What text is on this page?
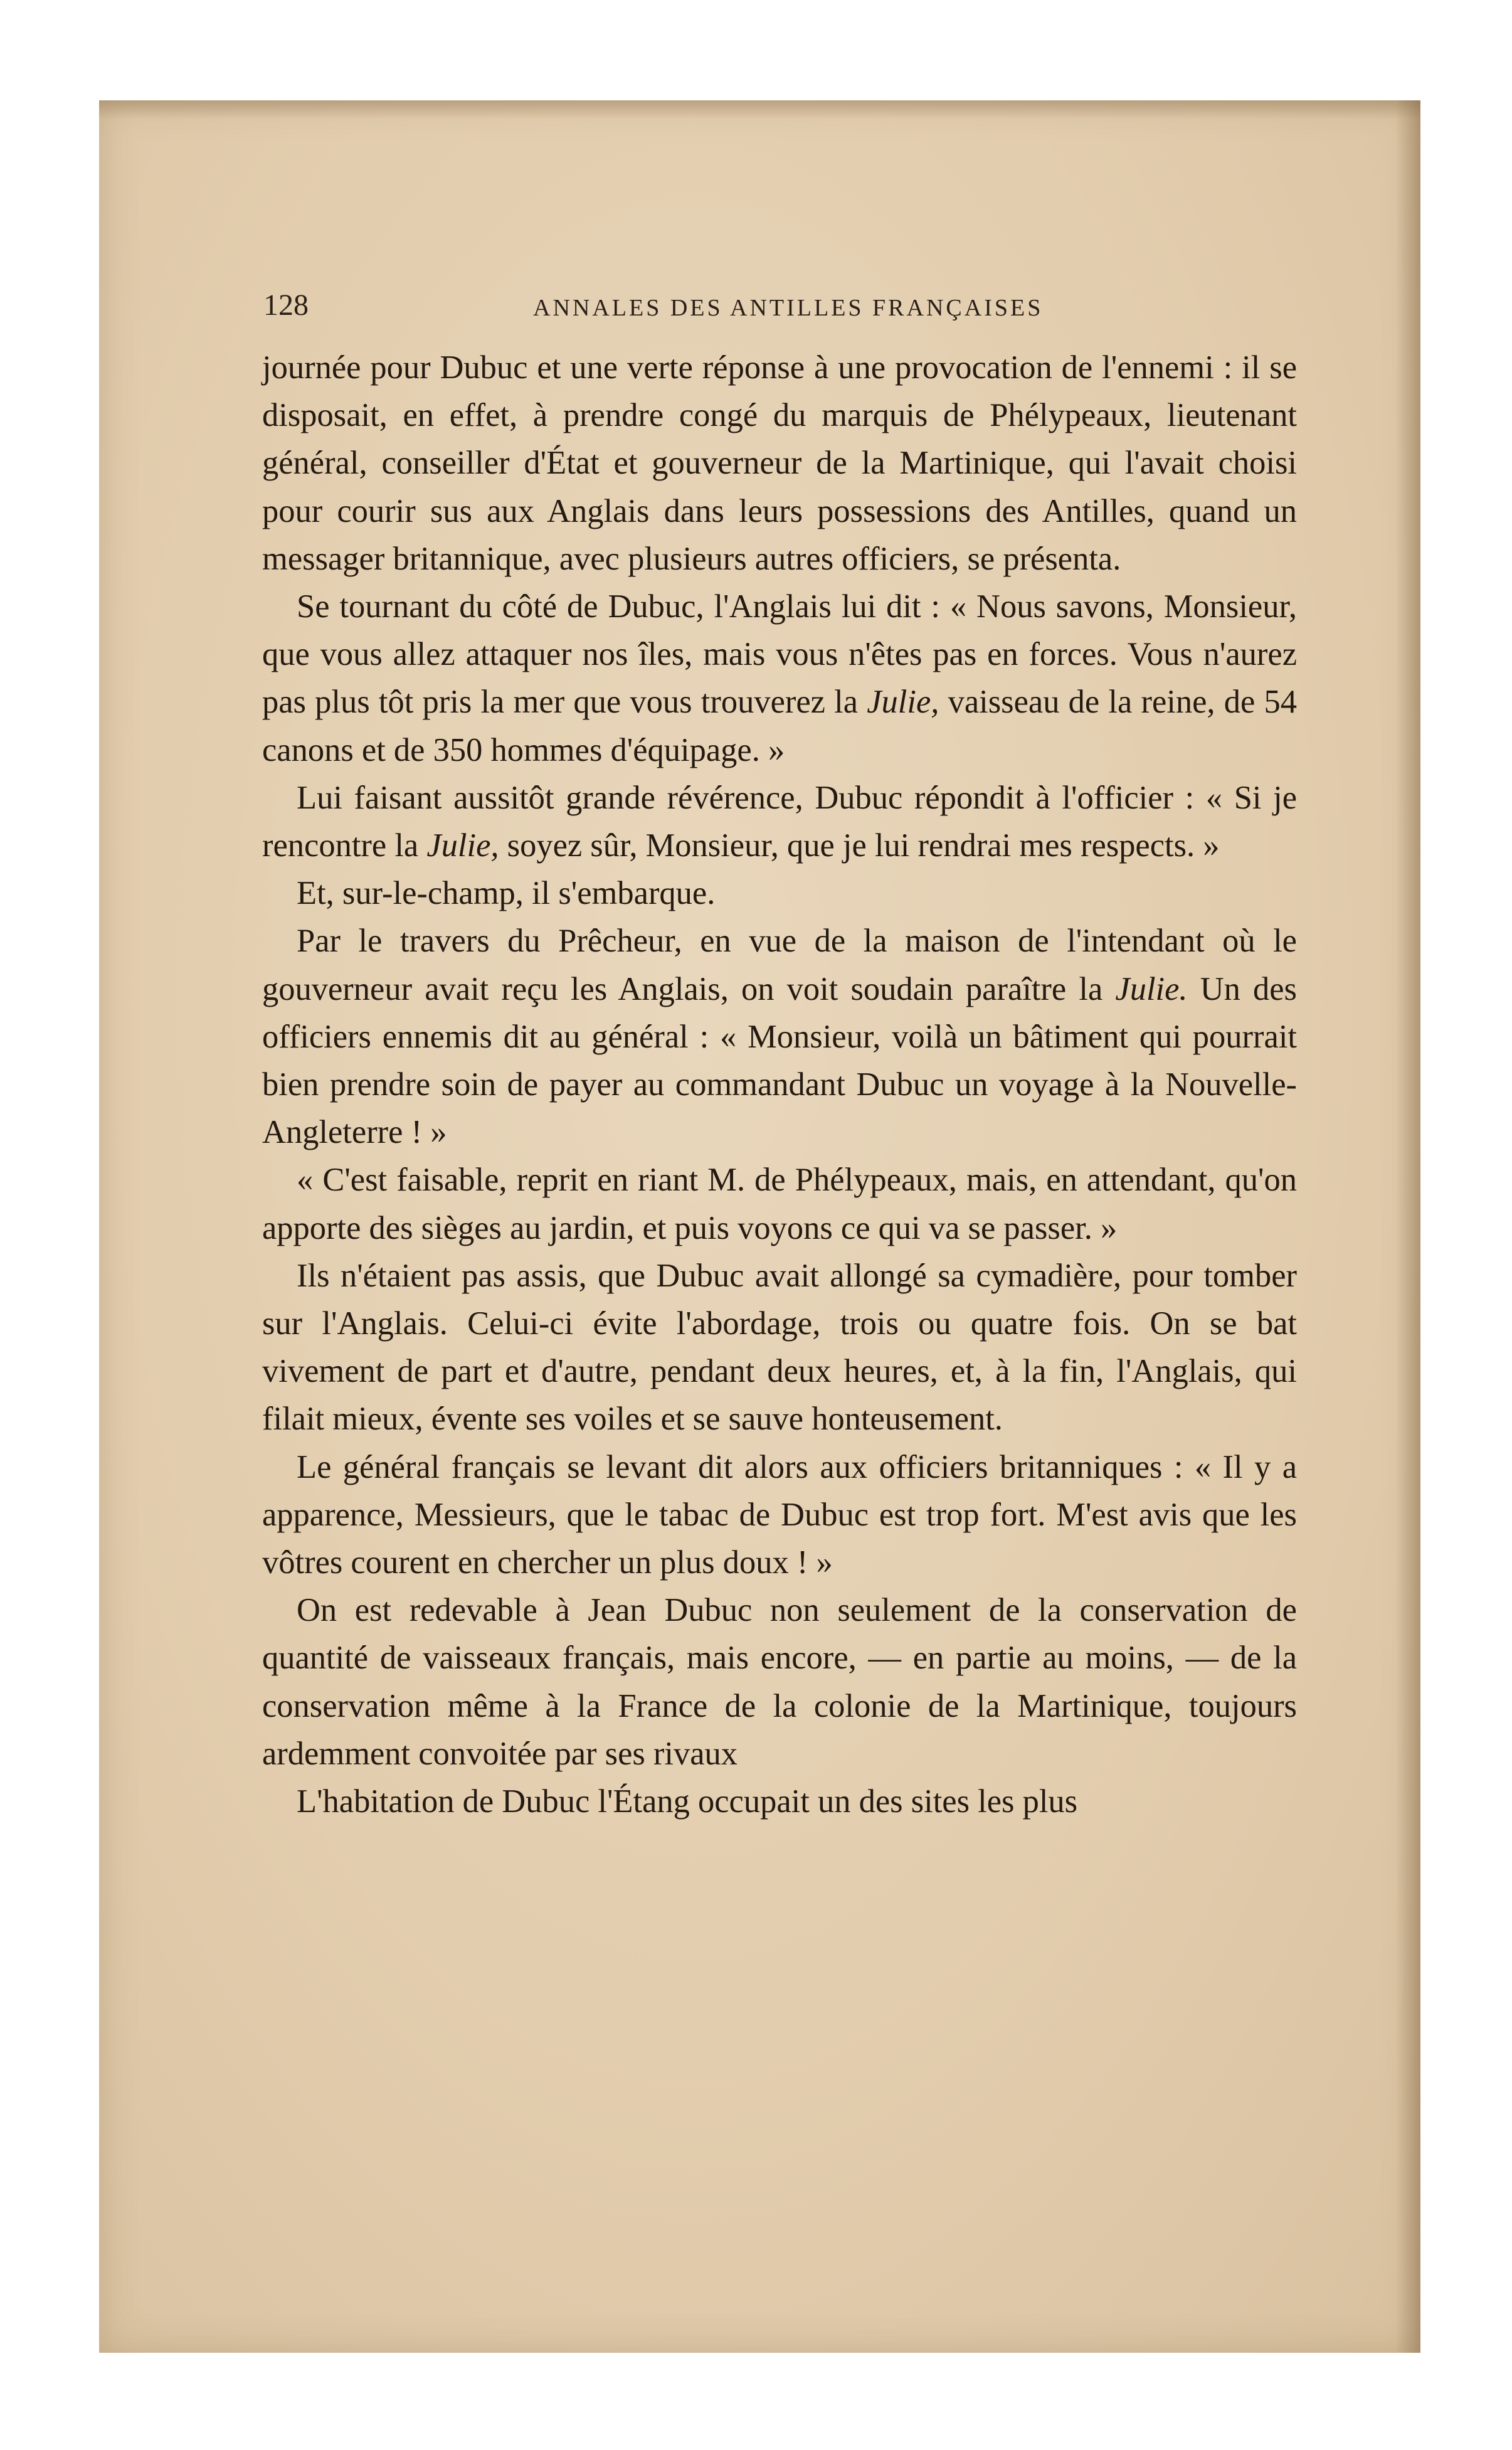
128	ANNALES DES ANTILLES FRANÇAISES

journée pour Dubuc et une verte réponse à une provocation de l'ennemi : il se disposait, en effet, à prendre congé du marquis de Phélypeaux, lieutenant général, conseiller d'État et gouverneur de la Martinique, qui l'avait choisi pour courir sus aux Anglais dans leurs possessions des Antilles, quand un messager britannique, avec plusieurs autres officiers, se présenta.

Se tournant du côté de Dubuc, l'Anglais lui dit : « Nous savons, Monsieur, que vous allez attaquer nos îles, mais vous n'êtes pas en forces. Vous n'aurez pas plus tôt pris la mer que vous trouverez la Julie, vaisseau de la reine, de 54 canons et de 350 hommes d'équipage. »

Lui faisant aussitôt grande révérence, Dubuc répondit à l'officier : « Si je rencontre la Julie, soyez sûr, Monsieur, que je lui rendrai mes respects. »

Et, sur-le-champ, il s'embarque.

Par le travers du Prêcheur, en vue de la maison de l'intendant où le gouverneur avait reçu les Anglais, on voit soudain paraître la Julie. Un des officiers ennemis dit au général : « Monsieur, voilà un bâtiment qui pourrait bien prendre soin de payer au commandant Dubuc un voyage à la Nouvelle-Angleterre ! »

« C'est faisable, reprit en riant M. de Phélypeaux, mais, en attendant, qu'on apporte des sièges au jardin, et puis voyons ce qui va se passer. »

Ils n'étaient pas assis, que Dubuc avait allongé sa cymadière, pour tomber sur l'Anglais. Celui-ci évite l'abordage, trois ou quatre fois. On se bat vivement de part et d'autre, pendant deux heures, et, à la fin, l'Anglais, qui filait mieux, évente ses voiles et se sauve honteusement.

Le général français se levant dit alors aux officiers britanniques : « Il y a apparence, Messieurs, que le tabac de Dubuc est trop fort. M'est avis que les vôtres courent en chercher un plus doux ! »

On est redevable à Jean Dubuc non seulement de la conservation de quantité de vaisseaux français, mais encore, — en partie au moins, — de la conservation même à la France de la colonie de la Martinique, toujours ardemment convoitée par ses rivaux

L'habitation de Dubuc l'Étang occupait un des sites les plus
